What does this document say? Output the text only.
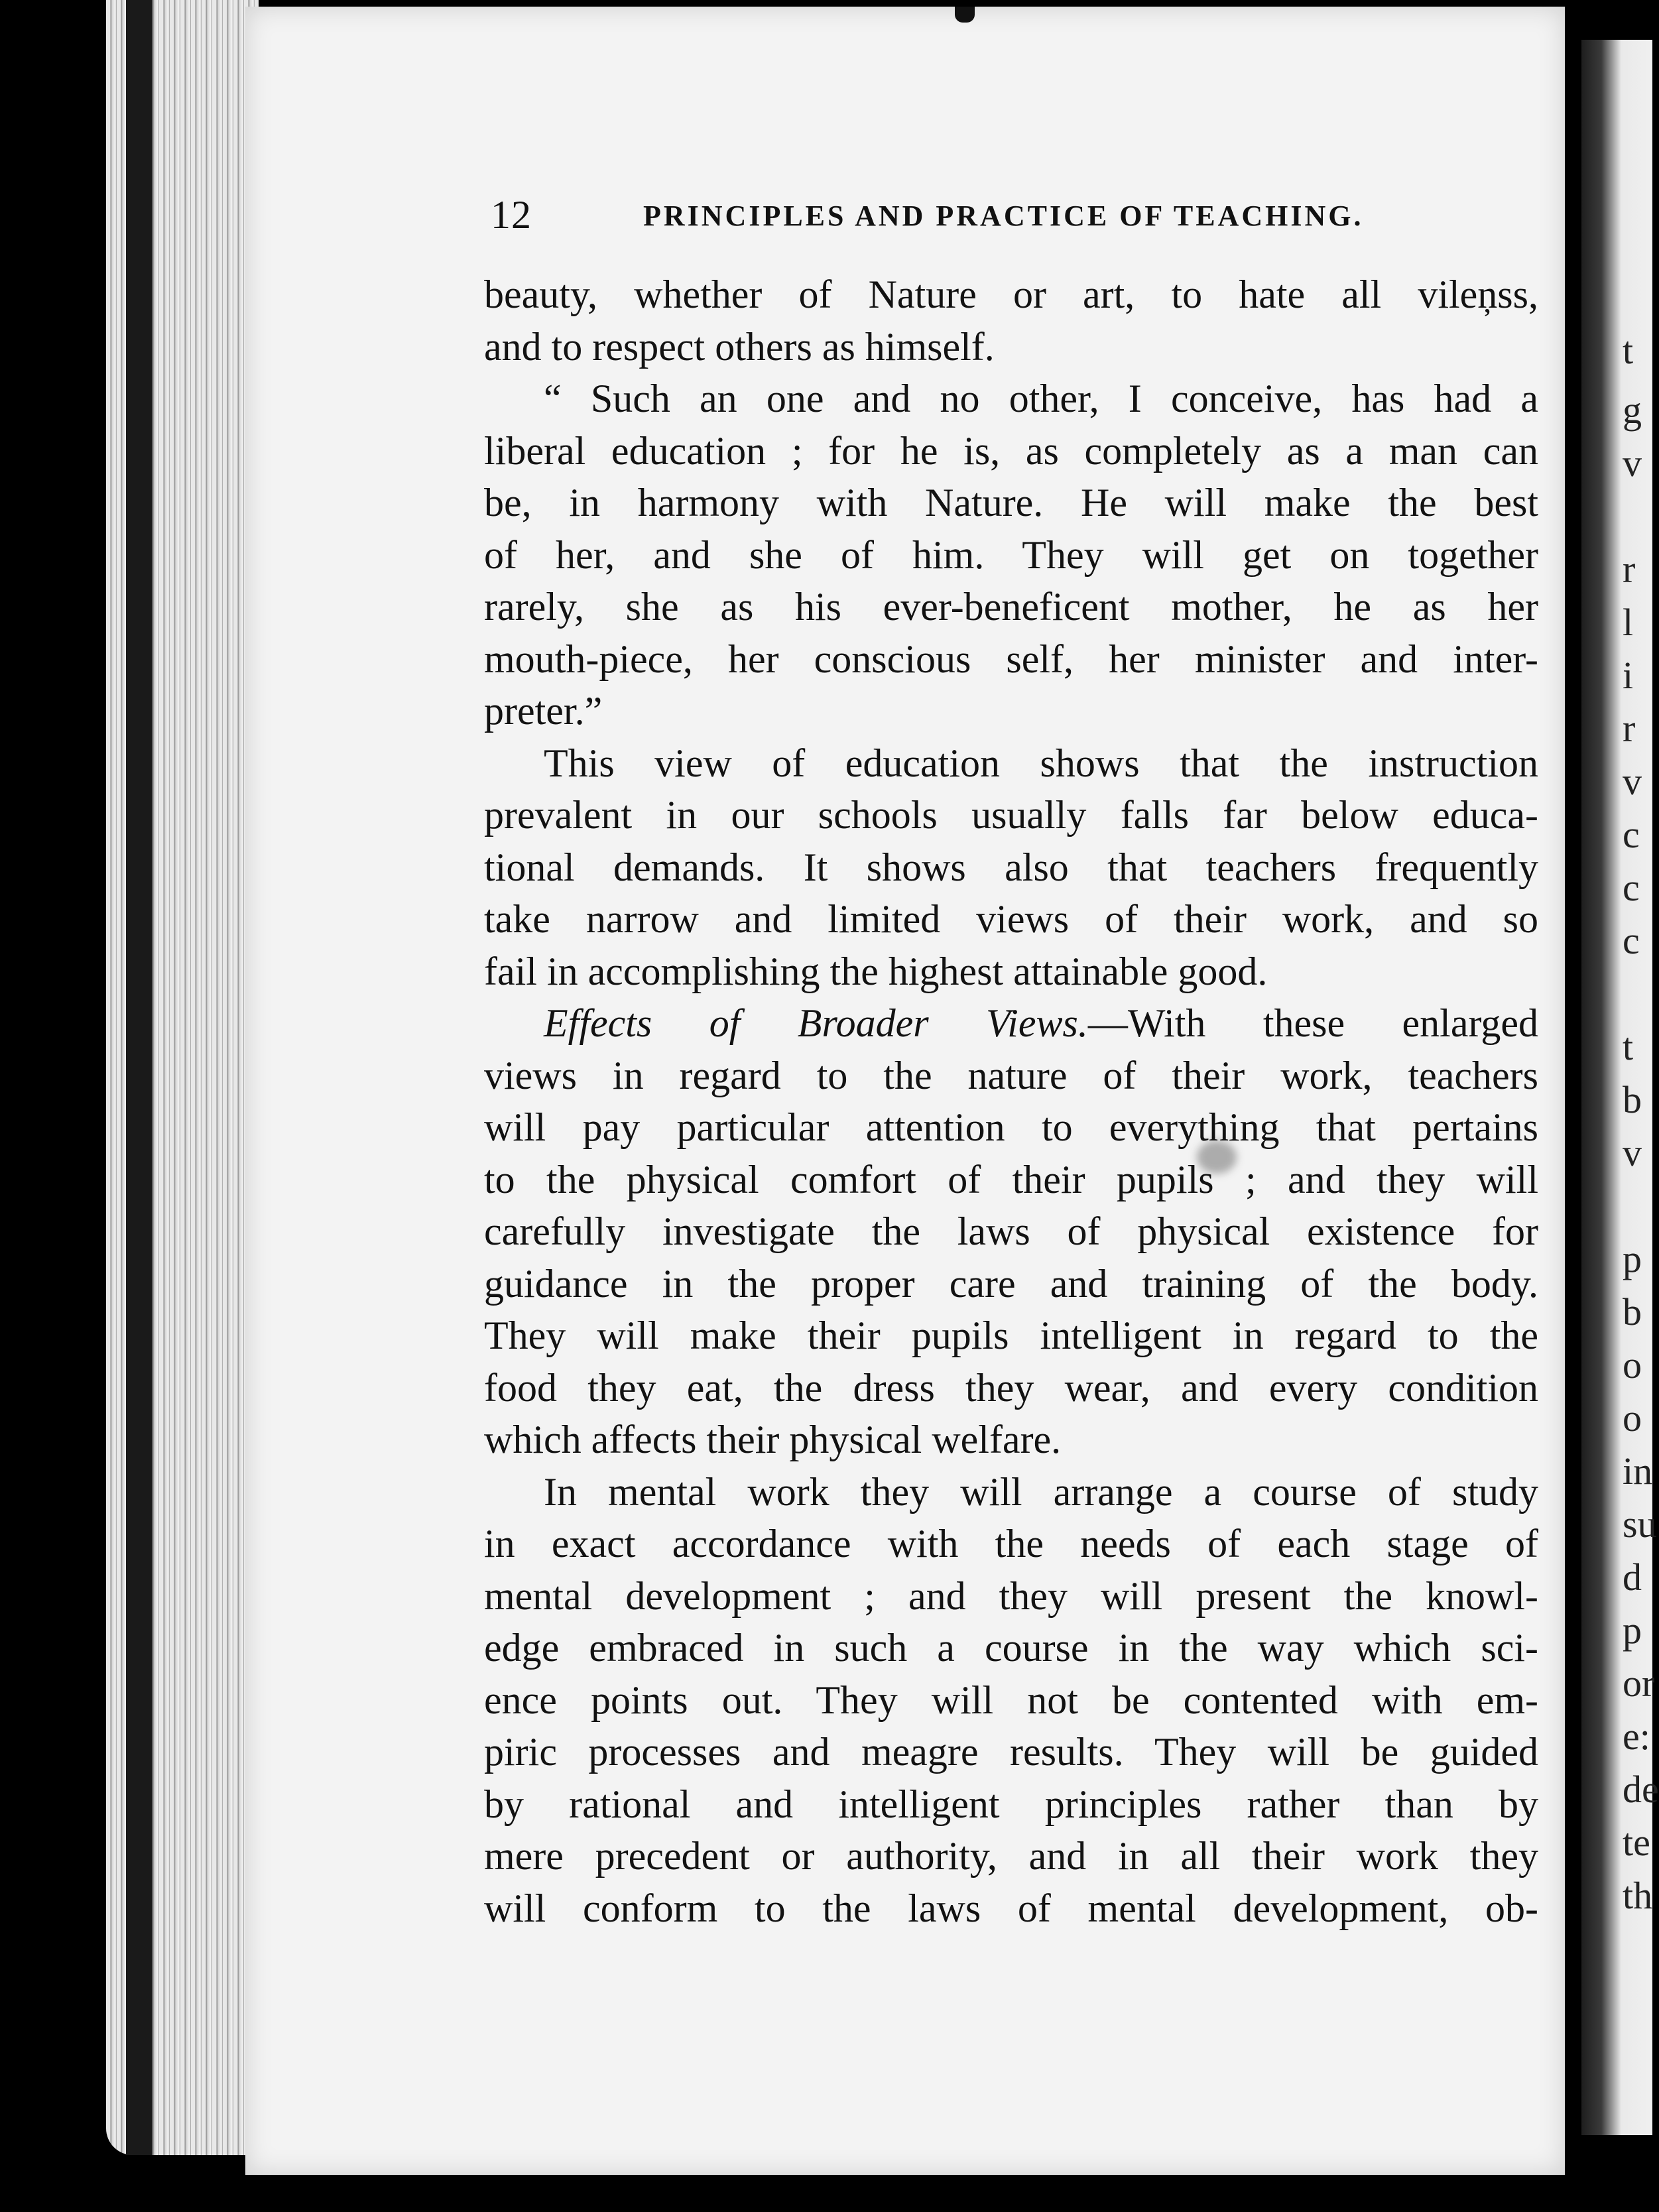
t
g
v
r
l
i
r
v
c
c
c
t
b
v
p
b
o
o
in
su
d
p
or
e:
de
te
th
12	PRINCIPLES AND PRACTICE OF TEACHING.
beauty, whether of Nature or art, to hate all vileņss,
and to respect others as himself.
“ Such an one and no other, I conceive, has had a
liberal education ; for he is, as completely as a man can
be, in harmony with Nature. He will make the best
of her, and she of him. They will get on together
rarely, she as his ever-beneficent mother, he as her
mouth-piece, her conscious self, her minister and inter-
preter.”
This view of education shows that the instruction
prevalent in our schools usually falls far below educa-
tional demands. It shows also that teachers frequently
take narrow and limited views of their work, and so
fail in accomplishing the highest attainable good.
Effects of Broader Views.—With these enlarged
views in regard to the nature of their work, teachers
will pay particular attention to everything that pertains
to the physical comfort of their pupils ; and they will
carefully investigate the laws of physical existence for
guidance in the proper care and training of the body.
They will make their pupils intelligent in regard to the
food they eat, the dress they wear, and every condition
which affects their physical welfare.
In mental work they will arrange a course of study
in exact accordance with the needs of each stage of
mental development ; and they will present the knowl-
edge embraced in such a course in the way which sci-
ence points out. They will not be contented with em-
piric processes and meagre results. They will be guided
by rational and intelligent principles rather than by
mere precedent or authority, and in all their work they
will conform to the laws of mental development, ob-
